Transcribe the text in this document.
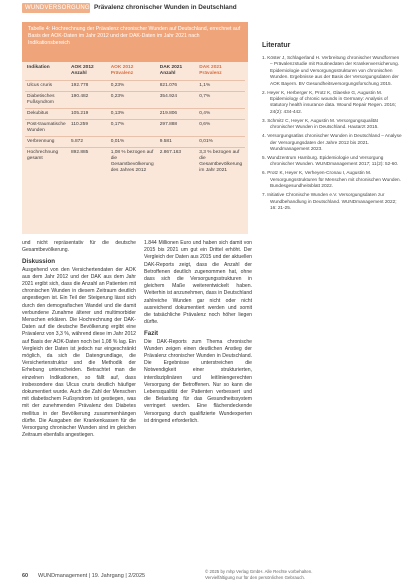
WUNDVERSORGUNG Prävalenz chronischer Wunden in Deutschland
Tabelle 4: Hochrechnung der Prävalenz chronischer Wunden auf Deutschland, errechnet auf Basis der AOK-Daten im Jahr 2012 und der DAK-Daten im Jahr 2021 nach Indikationsbereich
Indikation	AOK 2012 Anzahl	AOK 2012 Prävalenz	DAK 2021 Anzahl	DAK 2021 Prävalenz
Ulcus cruris	192.778	0,23%	821.076	1,1%
Diabetisches Fußsyndrom	190.482	0,23%	354.924	0,7%
Dekubitus	105.219	0,13%	219.806	0,4%
Post-traumatische Wunden	110.259	0,17%	297.888	0,6%
Verbrennung	5.872	0,01%	9.581	0,01%
Hochrechnung gesamt	892.885	1,08 % bezogen auf die Gesamtbevölkerung des Jahres 2012	2.867.163	3,3 % bezogen auf die Gesamtbevölkerung im Jahr 2021
Literatur
1. Köster J, Schlagerland H. Verbreitung chronischer Wundformen – Prävalenzstudie mit Routinedaten der Krankenversicherung. Epidemiologie und Versorgungsstrukturen von chronischen Wunden. Ergebnisse aus der Basis der Versorgungsdaten der AOK Bayern. BV Gesundheitsversorgungsforschung 2015.
2. Heyer K, Herberger K, Protz K, Glaeske G, Augustin M. Epidemiology of chronic wounds in Germany: Analysis of statutory health insurance data. Wound Repair Regen. 2016; 24(2): 434-442.
3. Schmitz C, Heyer K, Augustin M. Versorgungsqualität chronischer Wunden in Deutschland. Hautarzt 2015.
4. Versorgungsatlas chronischer Wunden in Deutschland – Analyse der Versorgungsdaten der Jahre 2012 bis 2021. Wundmanagement 2023.
5. Wundzentrum Hamburg. Epidemiologie und Versorgung chronischer Wunden. WUNDmanagement 2017; 11(2): 52-60.
6. Protz K, Heyer K, Verheyen-Cronau I, Augustin M. Versorgungsstrukturen für Menschen mit chronischen Wunden. Bundesgesundheitsblatt 2022.
7. Initiative Chronische Wunden e.V. Versorgungsdaten zur Wundbehandlung in Deutschland. WUNDmanagement 2022; 16: 21-25.

und nicht repräsentativ für die deutsche Gesamtbevölkerung.

Diskussion

Ausgehend von den Versichertendaten der AOK aus dem Jahr 2012 und der DAK aus dem Jahr 2021 ergibt sich, dass die Anzahl an Patienten mit chronischen Wunden in diesem Zeitraum deutlich angestiegen ist. Ein Teil der Steigerung lässt sich durch den demografischen Wandel und die damit verbundene Zunahme älterer und multimorbider Menschen erklären. Die Hochrechnung der DAK-Daten auf die deutsche Bevölkerung ergibt eine Prävalenz von 3,3 %, während diese im Jahr 2012 auf Basis der AOK-Daten noch bei 1,08 % lag. Ein Vergleich der Daten ist jedoch nur eingeschränkt möglich, da sich die Datengrundlage, die Versichertenstruktur und die Methodik der Erhebung unterscheiden. Betrachtet man die einzelnen Indikationen, so fällt auf, dass insbesondere das Ulcus cruris deutlich häufiger dokumentiert wurde. Auch die Zahl der Menschen mit diabetischem Fußsyndrom ist gestiegen, was mit der zunehmenden Prävalenz des Diabetes mellitus in der Bevölkerung zusammenhängen dürfte. Die Ausgaben der Krankenkassen für die Versorgung chronischer Wunden sind im gleichen Zeitraum ebenfalls angestiegen.

1.844 Millionen Euro und haben sich damit von 2015 bis 2021 um gut ein Drittel erhöht. Der Vergleich der Daten aus 2015 und der aktuellen DAK-Reports zeigt, dass die Anzahl der Betroffenen deutlich zugenommen hat, ohne dass sich die Versorgungsstrukturen in gleichem Maße weiterentwickelt haben. Weiterhin ist anzunehmen, dass in Deutschland zahlreiche Wunden gar nicht oder nicht ausreichend dokumentiert werden und somit die tatsächliche Prävalenz noch höher liegen dürfte.

Fazit

Die DAK-Reports zum Thema chronische Wunden zeigen einen deutlichen Anstieg der Prävalenz chronischer Wunden in Deutschland. Die Ergebnisse unterstreichen die Notwendigkeit einer strukturierten, interdisziplinären und leitliniengerechten Versorgung der Betroffenen. Nur so kann die Lebensqualität der Patienten verbessert und die Belastung für das Gesundheitssystem verringert werden. Eine flächendeckende Versorgung durch qualifizierte Wundexperten ist dringend erforderlich.

60 WUNDmanagement | 19. Jahrgang | 2/2025
© 2025 by mhp Verlag GmbH. Alle Rechte vorbehalten. Vervielfältigung nur für den persönlichen Gebrauch.
